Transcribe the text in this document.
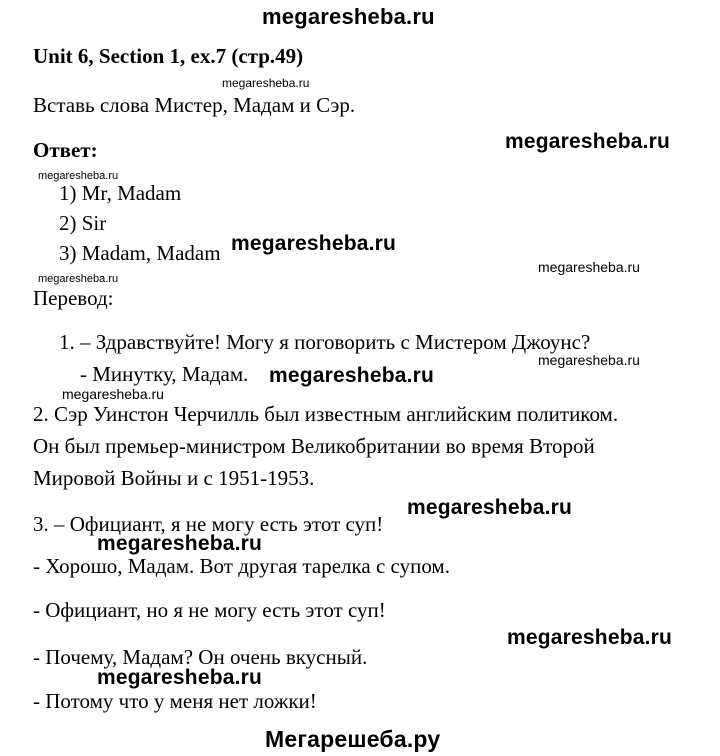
megaresheba.ru
Unit 6, Section 1, ex.7 (стр.49)
megaresheba.ru
Вставь слова Мистер, Мадам и Сэр.
megaresheba.ru
Ответ:
megaresheba.ru
1) Mr, Madam
2) Sir
3) Madam, Madam megaresheba.ru
megaresheba.ru
megaresheba.ru
Перевод:
1. – Здравствуйте! Могу я поговорить с Мистером Джоунс?
- Минутку, Мадам. megaresheba.ru
megaresheba.ru
megaresheba.ru
2. Сэр Уинстон Черчилль был известным английским политиком.
Он был премьер-министром Великобритании во время Второй
Мировой Войны и с 1951-1953.
megaresheba.ru
3. – Официант, я не могу есть этот суп!
megaresheba.ru
- Хорошо, Мадам. Вот другая тарелка с супом.
- Официант, но я не могу есть этот суп!
megaresheba.ru
- Почему, Мадам? Он очень вкусный.
megaresheba.ru
- Потому что у меня нет ложки!
Мегарешеба.ру
